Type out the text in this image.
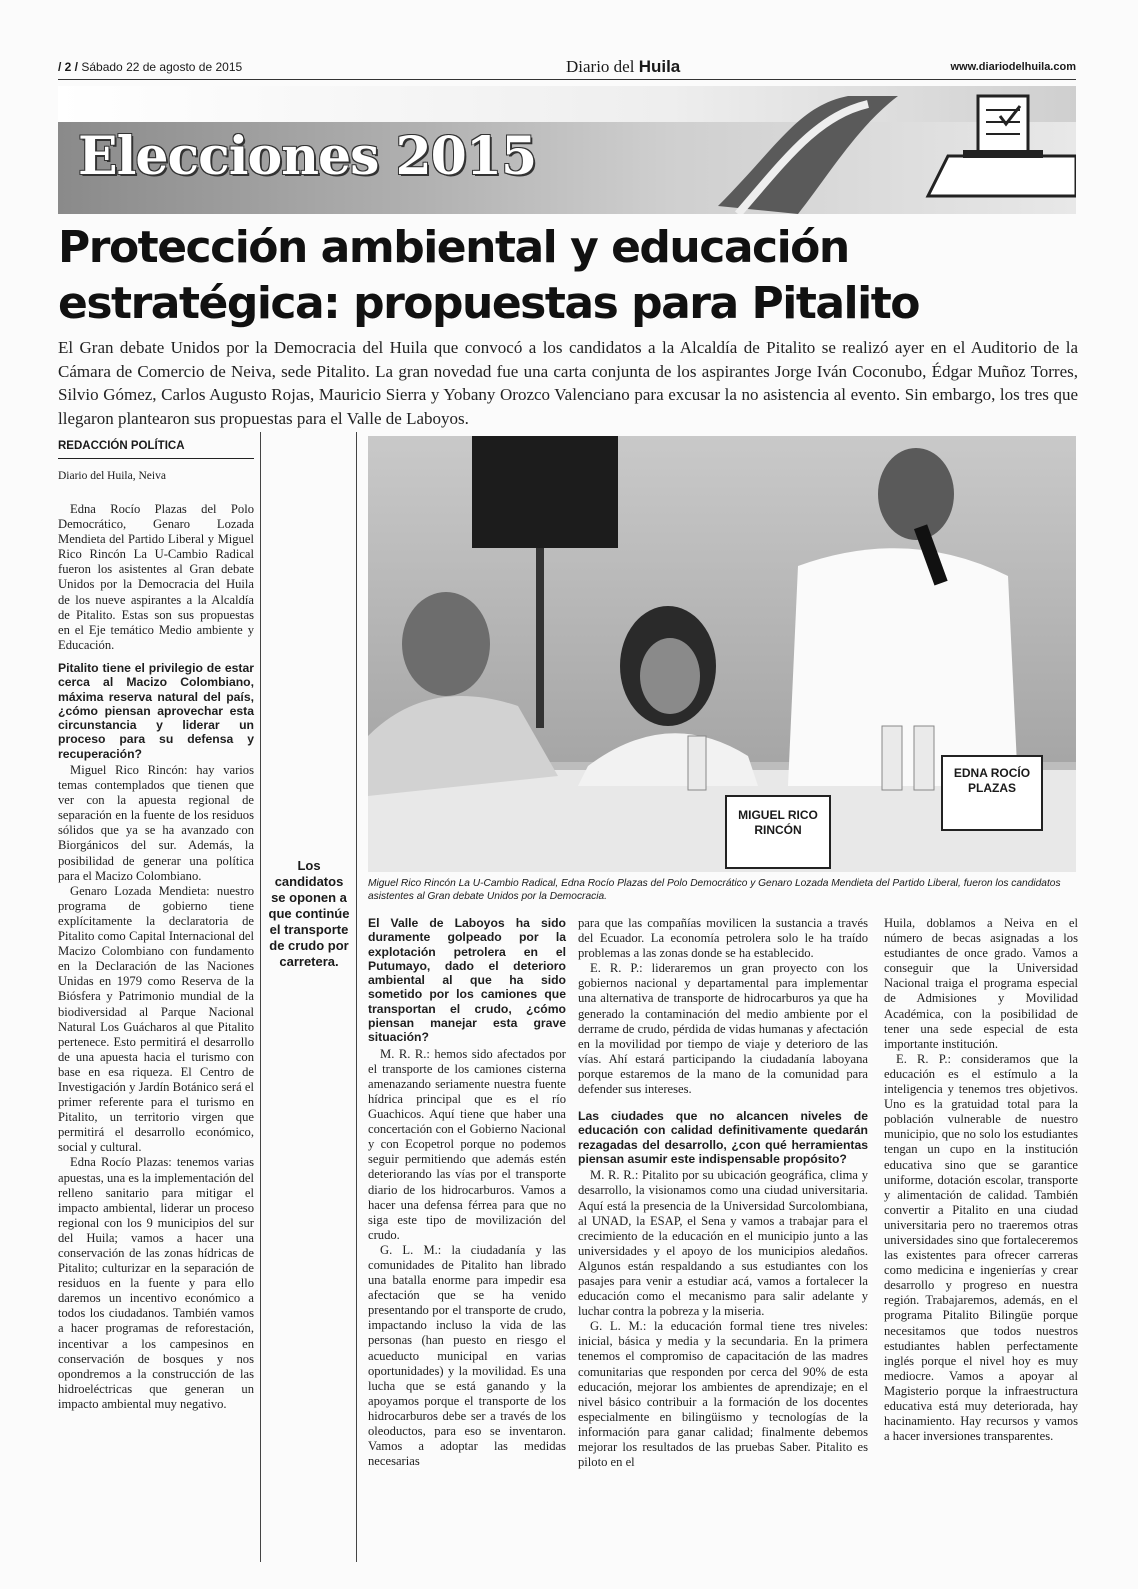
/ 2 / Sábado 22 de agosto de 2015	Diario del Huila	www.diariodelhuila.com
Elecciones 2015
Protección ambiental y educación
estratégica: propuestas para Pitalito

El Gran debate Unidos por la Democracia del Huila que convocó a los candidatos a la Alcaldía de Pitalito se realizó ayer en el Auditorio de la Cámara de Comercio de Neiva, sede Pitalito. La gran novedad fue una carta conjunta de los aspirantes Jorge Iván Coconubo, Édgar Muñoz Torres, Silvio Gómez, Carlos Augusto Rojas, Mauricio Sierra y Yobany Orozco Valenciano para excusar la no asistencia al evento. Sin embargo, los tres que llegaron plantearon sus propuestas para el Valle de Laboyos.

REDACCIÓN POLÍTICA
Diario del Huila, Neiva

Edna Rocío Plazas del Polo Democrático, Genaro Lozada Mendieta del Partido Liberal y Miguel Rico Rincón La U-Cambio Radical fueron los asistentes al Gran debate Unidos por la Democracia del Huila de los nueve aspirantes a la Alcaldía de Pitalito. Estas son sus propuestas en el Eje temático Medio ambiente y Educación.

Pitalito tiene el privilegio de estar cerca al Macizo Colombiano, máxima reserva natural del país, ¿cómo piensan aprovechar esta circunstancia y liderar un proceso para su defensa y recuperación?

Miguel Rico Rincón: hay varios temas contemplados que tienen que ver con la apuesta regional de separación en la fuente de los residuos sólidos que ya se ha avanzado con Biorgánicos del sur. Además, la posibilidad de generar una política para el Macizo Colombiano.

Genaro Lozada Mendieta: nuestro programa de gobierno tiene explícitamente la declaratoria de Pitalito como Capital Internacional del Macizo Colombiano con fundamento en la Declaración de las Naciones Unidas en 1979 como Reserva de la Biósfera y Patrimonio mundial de la biodiversidad al Parque Nacional Natural Los Guácharos al que Pitalito pertenece. Esto permitirá el desarrollo de una apuesta hacia el turismo con base en esa riqueza. El Centro de Investigación y Jardín Botánico será el primer referente para el turismo en Pitalito, un territorio virgen que permitirá el desarrollo económico, social y cultural.

Edna Rocío Plazas: tenemos varias apuestas, una es la implementación del relleno sanitario para mitigar el impacto ambiental, liderar un proceso regional con los 9 municipios del sur del Huila; vamos a hacer una conservación de las zonas hídricas de Pitalito; culturizar en la separación de residuos en la fuente y para ello daremos un incentivo económico a todos los ciudadanos. También vamos a hacer programas de reforestación, incentivar a los campesinos en conservación de bosques y nos opondremos a la construcción de las hidroeléctricas que generan un impacto ambiental muy negativo.

Los candidatos se oponen a que continúe el transporte de crudo por carretera.
MIGUEL RICO RINCÓN
EDNA ROCÍO PLAZAS
Miguel Rico Rincón La U-Cambio Radical, Edna Rocío Plazas del Polo Democrático y Genaro Lozada Mendieta del Partido Liberal, fueron los candidatos asistentes al Gran debate Unidos por la Democracia.

El Valle de Laboyos ha sido duramente golpeado por la explotación petrolera en el Putumayo, dado el deterioro ambiental al que ha sido sometido por los camiones que transportan el crudo, ¿cómo piensan manejar esta grave situación?

M. R. R.: hemos sido afectados por el transporte de los camiones cisterna amenazando seriamente nuestra fuente hídrica principal que es el río Guachicos. Aquí tiene que haber una concertación con el Gobierno Nacional y con Ecopetrol porque no podemos seguir permitiendo que además estén deteriorando las vías por el transporte diario de los hidrocarburos. Vamos a hacer una defensa férrea para que no siga este tipo de movilización del crudo.

G. L. M.: la ciudadanía y las comunidades de Pitalito han librado una batalla enorme para impedir esa afectación que se ha venido presentando por el transporte de crudo, impactando incluso la vida de las personas (han puesto en riesgo el acueducto municipal en varias oportunidades) y la movilidad. Es una lucha que se está ganando y la apoyamos porque el transporte de los hidrocarburos debe ser a través de los oleoductos, para eso se inventaron. Vamos a adoptar las medidas necesarias

para que las compañías movilicen la sustancia a través del Ecuador. La economía petrolera solo le ha traído problemas a las zonas donde se ha establecido.

E. R. P.: lideraremos un gran proyecto con los gobiernos nacional y departamental para implementar una alternativa de transporte de hidrocarburos ya que ha generado la contaminación del medio ambiente por el derrame de crudo, pérdida de vidas humanas y afectación en la movilidad por tiempo de viaje y deterioro de las vías. Ahí estará participando la ciudadanía laboyana porque estaremos de la mano de la comunidad para defender sus intereses.

Las ciudades que no alcancen niveles de educación con calidad definitivamente quedarán rezagadas del desarrollo, ¿con qué herramientas piensan asumir este indispensable propósito?

M. R. R.: Pitalito por su ubicación geográfica, clima y desarrollo, la visionamos como una ciudad universitaria. Aquí está la presencia de la Universidad Surcolombiana, al UNAD, la ESAP, el Sena y vamos a trabajar para el crecimiento de la educación en el municipio junto a las universidades y el apoyo de los municipios aledaños. Algunos están respaldando a sus estudiantes con los pasajes para venir a estudiar acá, vamos a fortalecer la educación como el mecanismo para salir adelante y luchar contra la pobreza y la miseria.

G. L. M.: la educación formal tiene tres niveles: inicial, básica y media y la secundaria. En la primera tenemos el compromiso de capacitación de las madres comunitarias que responden por cerca del 90% de esta educación, mejorar los ambientes de aprendizaje; en el nivel básico contribuir a la formación de los docentes especialmente en bilingüismo y tecnologías de la información para ganar calidad; finalmente debemos mejorar los resultados de las pruebas Saber. Pitalito es piloto en el

Huila, doblamos a Neiva en el número de becas asignadas a los estudiantes de once grado. Vamos a conseguir que la Universidad Nacional traiga el programa especial de Admisiones y Movilidad Académica, con la posibilidad de tener una sede especial de esta importante institución.

E. R. P.: consideramos que la educación es el estímulo a la inteligencia y tenemos tres objetivos. Uno es la gratuidad total para la población vulnerable de nuestro municipio, que no solo los estudiantes tengan un cupo en la institución educativa sino que se garantice uniforme, dotación escolar, transporte y alimentación de calidad. También convertir a Pitalito en una ciudad universitaria pero no traeremos otras universidades sino que fortaleceremos las existentes para ofrecer carreras como medicina e ingenierías y crear desarrollo y progreso en nuestra región. Trabajaremos, además, en el programa Pitalito Bilingüe porque necesitamos que todos nuestros estudiantes hablen perfectamente inglés porque el nivel hoy es muy mediocre. Vamos a apoyar al Magisterio porque la infraestructura educativa está muy deteriorada, hay hacinamiento. Hay recursos y vamos a hacer inversiones transparentes.
